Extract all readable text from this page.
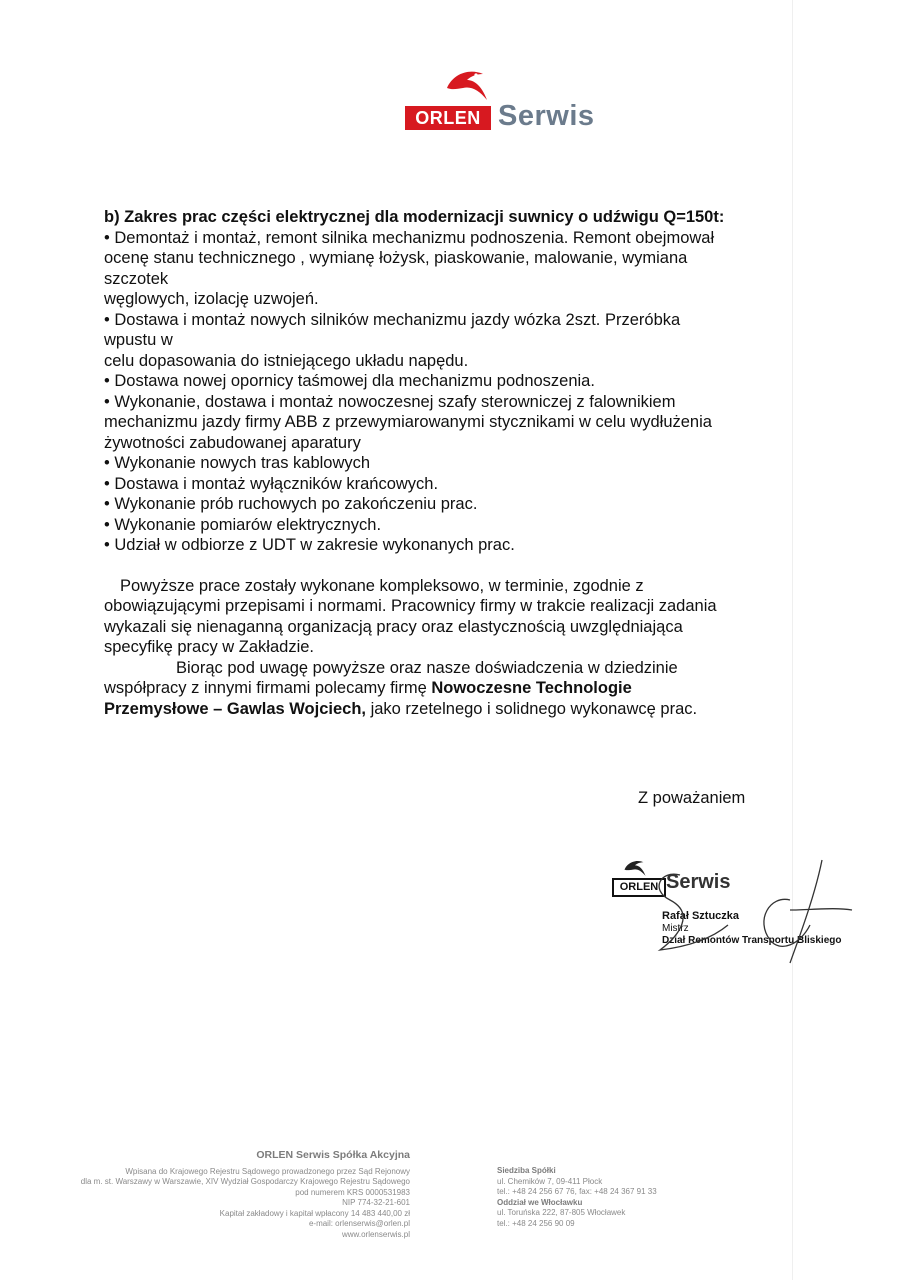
ORLEN Serwis

b) Zakres prac części elektrycznej dla modernizacji suwnicy o udźwigu Q=150t:

• Demontaż i montaż, remont silnika mechanizmu podnoszenia. Remont obejmował

ocenę stanu technicznego , wymianę łożysk, piaskowanie, malowanie, wymiana

szczotek

węglowych, izolację uzwojeń.

• Dostawa i montaż nowych silników mechanizmu jazdy wózka 2szt. Przeróbka

wpustu w

celu dopasowania do istniejącego układu napędu.

• Dostawa nowej opornicy taśmowej dla mechanizmu podnoszenia.

• Wykonanie, dostawa i montaż nowoczesnej szafy sterowniczej z falownikiem

mechanizmu jazdy firmy ABB z przewymiarowanymi stycznikami w celu wydłużenia

żywotności zabudowanej aparatury

• Wykonanie nowych tras kablowych

• Dostawa i montaż wyłączników krańcowych.

• Wykonanie prób ruchowych po zakończeniu prac.

• Wykonanie pomiarów elektrycznych.

• Udział w odbiorze z UDT w zakresie wykonanych prac.

Powyższe prace zostały wykonane kompleksowo, w terminie, zgodnie z

obowiązującymi przepisami i normami. Pracownicy firmy w trakcie realizacji zadania

wykazali się nienaganną organizacją pracy oraz elastycznością uwzględniająca

specyfikę pracy w Zakładzie.

Biorąc pod uwagę powyższe oraz nasze doświadczenia w dziedzinie

współpracy z innymi firmami polecamy firmę Nowoczesne Technologie

Przemysłowe – Gawlas Wojciech, jako rzetelnego i solidnego wykonawcę prac.

Z poważaniem
ORLEN Serwis
Rafał Sztuczka
Mistrz
Dział Remontów Transportu Bliskiego
ORLEN Serwis Spółka Akcyjna
Wpisana do Krajowego Rejestru Sądowego prowadzonego przez Sąd Rejonowy
dla m. st. Warszawy w Warszawie, XIV Wydział Gospodarczy Krajowego Rejestru Sądowego
pod numerem KRS 0000531983
NIP 774-32-21-601
Kapitał zakładowy i kapitał wpłacony 14 483 440,00 zł
e-mail: orlenserwis@orlen.pl
www.orlenserwis.pl
Siedziba Spółki
ul. Chemików 7, 09-411 Płock
tel.: +48 24 256 67 76, fax: +48 24 367 91 33
Oddział we Włocławku
ul. Toruńska 222, 87-805 Włocławek
tel.: +48 24 256 90 09
